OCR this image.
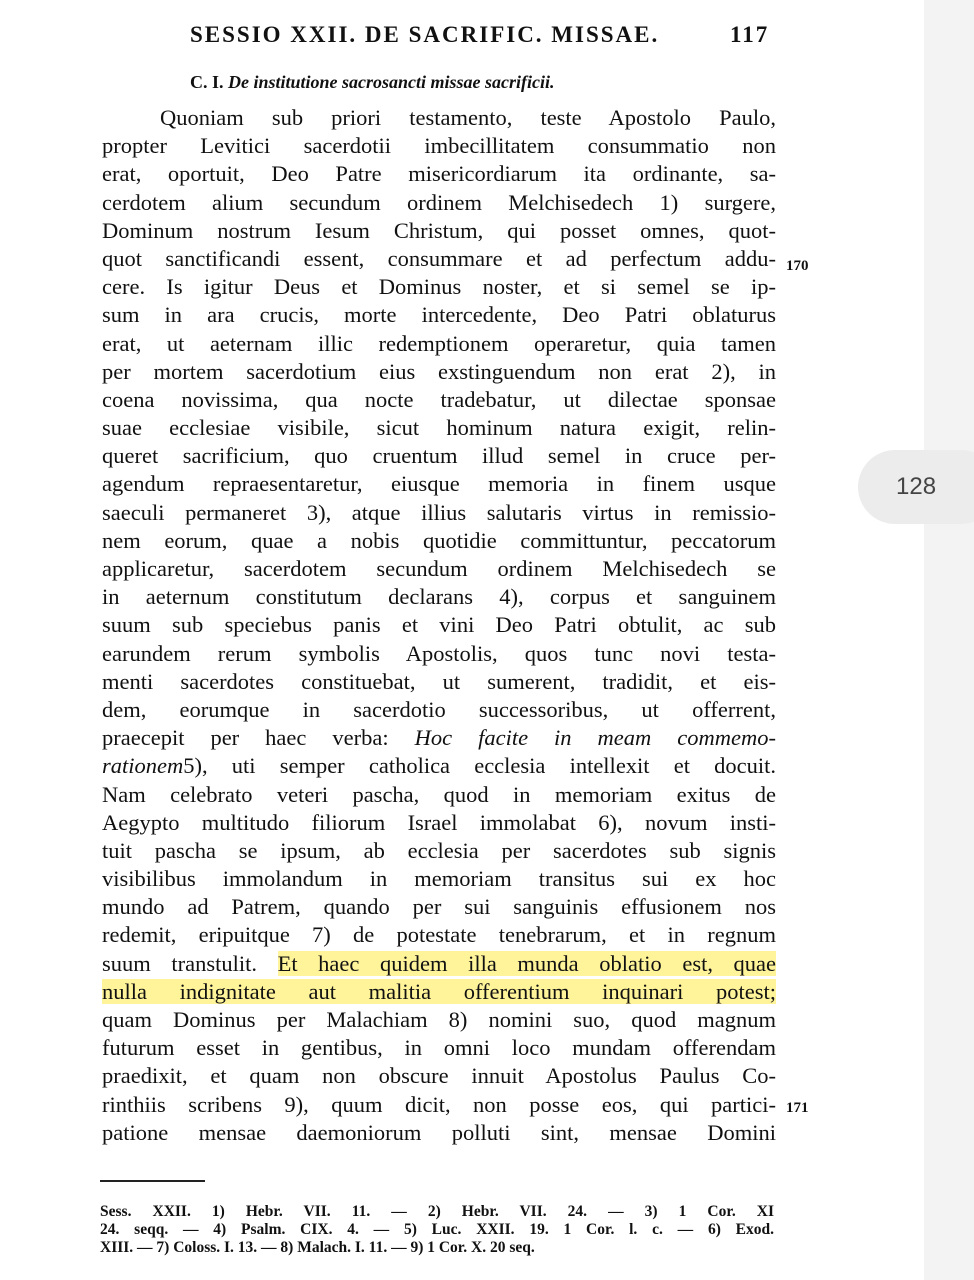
SESSIO XXII. DE SACRIFIC. MISSAE.	117
C. I. De institutione sacrosancti missae sacrificii.
Quoniam sub priori testamento, teste Apostolo Paulo,
propter Levitici sacerdotii imbecillitatem consummatio non
erat, oportuit, Deo Patre misericordiarum ita ordinante, sa-
cerdotem alium secundum ordinem Melchisedech 1) surgere,
Dominum nostrum Iesum Christum, qui posset omnes, quot-
quot sanctificandi essent, consummare et ad perfectum addu-
cere. Is igitur Deus et Dominus noster, et si semel se ip-
sum in ara crucis, morte intercedente, Deo Patri oblaturus
erat, ut aeternam illic redemptionem operaretur, quia tamen
per mortem sacerdotium eius exstinguendum non erat 2), in
coena novissima, qua nocte tradebatur, ut dilectae sponsae
suae ecclesiae visibile, sicut hominum natura exigit, relin-
queret sacrificium, quo cruentum illud semel in cruce per-
agendum repraesentaretur, eiusque memoria in finem usque
saeculi permaneret 3), atque illius salutaris virtus in remissio-
nem eorum, quae a nobis quotidie committuntur, peccatorum
applicaretur, sacerdotem secundum ordinem Melchisedech se
in aeternum constitutum declarans 4), corpus et sanguinem
suum sub speciebus panis et vini Deo Patri obtulit, ac sub
earundem rerum symbolis Apostolis, quos tunc novi testa-
menti sacerdotes constituebat, ut sumerent, tradidit, et eis-
dem, eorumque in sacerdotio successoribus, ut offerrent,
praecepit per haec verba: Hoc facite in meam commemo-
rationem5), uti semper catholica ecclesia intellexit et docuit.
Nam celebrato veteri pascha, quod in memoriam exitus de
Aegypto multitudo filiorum Israel immolabat 6), novum insti-
tuit pascha se ipsum, ab ecclesia per sacerdotes sub signis
visibilibus immolandum in memoriam transitus sui ex hoc
mundo ad Patrem, quando per sui sanguinis effusionem nos
redemit, eripuitque 7) de potestate tenebrarum, et in regnum
suum transtulit. Et haec quidem illa munda oblatio est, quae
nulla indignitate aut malitia offerentium inquinari potest;
quam Dominus per Malachiam 8) nomini suo, quod magnum
futurum esset in gentibus, in omni loco mundam offerendam
praedixit, et quam non obscure innuit Apostolus Paulus Co-
rinthiis scribens 9), quum dicit, non posse eos, qui partici-
patione mensae daemoniorum polluti sint, mensae Domini
170
171
Sess. XXII. 1) Hebr. VII. 11. — 2) Hebr. VII. 24. — 3) 1 Cor. XI
24. seqq. — 4) Psalm. CIX. 4. — 5) Luc. XXII. 19. 1 Cor. l. c. — 6) Exod.
XIII. — 7) Coloss. I. 13. — 8) Malach. I. 11. — 9) 1 Cor. X. 20 seq.
128
